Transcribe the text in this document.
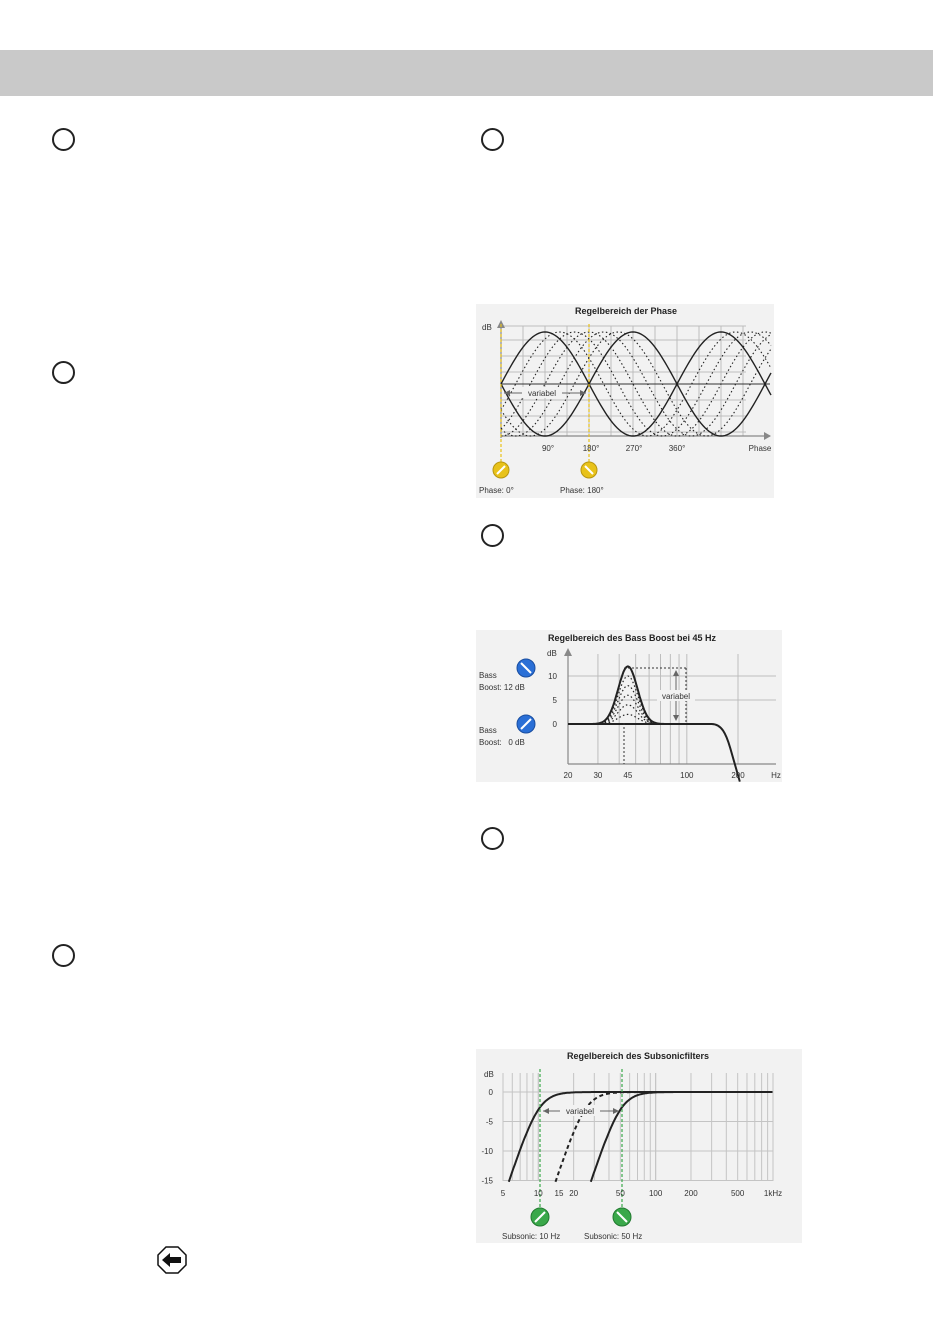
Regelbereich der Phase
dB
variabel
90°	180°	270°	360°	Phase
Phase: 0°	Phase: 180°
Regelbereich des Bass Boost bei 45 Hz
dB
10
5
0
variabel
20	30	45	100	200	Hz
Bass
Boost: 12 dB
Bass
Boost:   0 dB
Regelbereich des Subsonicfilters
dB
0
-5
-10
-15
variabel
5	10 15 20	50	100	200	500 1kHz
Subsonic: 10 Hz	Subsonic: 50 Hz
